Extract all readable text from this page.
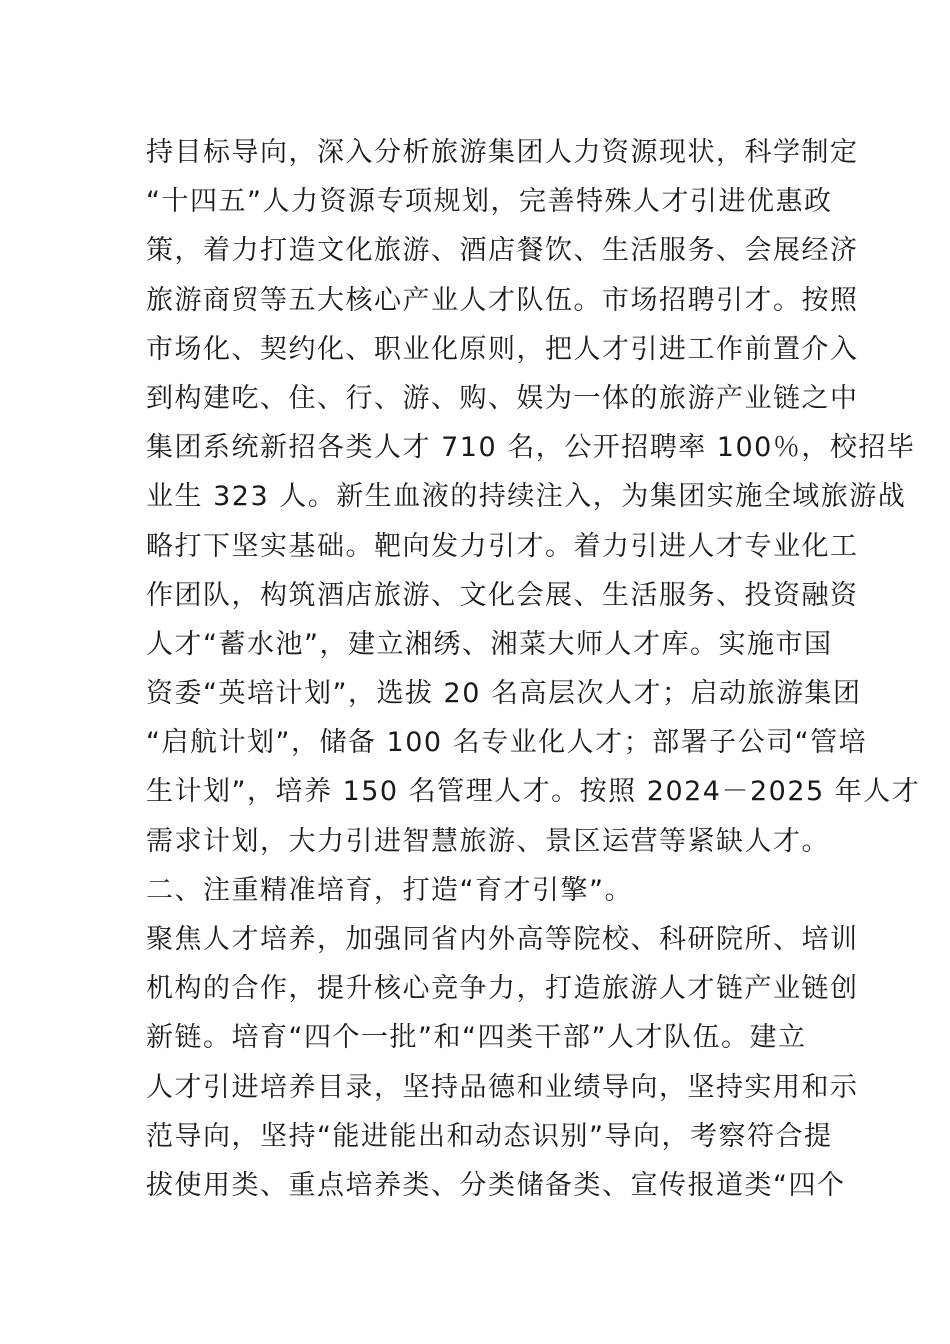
持目标导向，深入分析旅游集团人力资源现状，科学制定
“十四五”人力资源专项规划，完善特殊人才引进优惠政
策，着力打造文化旅游、酒店餐饮、生活服务、会展经济
旅游商贸等五大核心产业人才队伍。市场招聘引才。按照
市场化、契约化、职业化原则，把人才引进工作前置介入
到构建吃、住、行、游、购、娱为一体的旅游产业链之中
集团系统新招各类人才 710 名，公开招聘率 100％，校招毕
业生 323 人。新生血液的持续注入，为集团实施全域旅游战
略打下坚实基础。靶向发力引才。着力引进人才专业化工
作团队，构筑酒店旅游、文化会展、生活服务、投资融资
人才“蓄水池”，建立湘绣、湘菜大师人才库。实施市国
资委“英培计划”，选拔 20 名高层次人才；启动旅游集团
“启航计划”，储备 100 名专业化人才；部署子公司“管培
生计划”，培养 150 名管理人才。按照 2024－2025 年人才
需求计划，大力引进智慧旅游、景区运营等紧缺人才。
二、注重精准培育，打造“育才引擎”。
聚焦人才培养，加强同省内外高等院校、科研院所、培训
机构的合作，提升核心竞争力，打造旅游人才链产业链创
新链。培育“四个一批”和“四类干部”人才队伍。建立
人才引进培养目录，坚持品德和业绩导向，坚持实用和示
范导向，坚持“能进能出和动态识别”导向，考察符合提
拔使用类、重点培养类、分类储备类、宣传报道类“四个
